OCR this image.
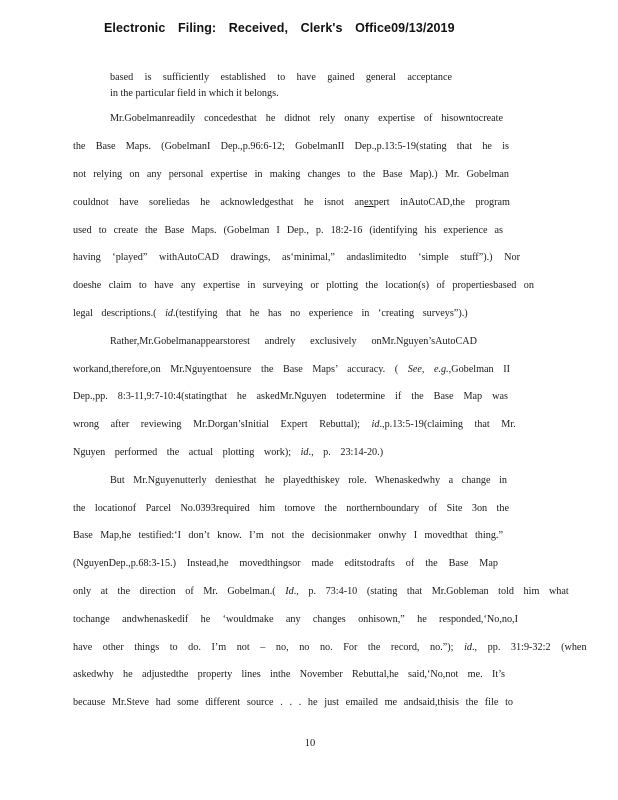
Electronic Filing: Received, Clerk's Office09/13/2019
based is sufficiently established to have gained general acceptance
in the particular field in which it belongs.
Mr.Gobelmanreadily concedesthat he didnot rely onany expertise of hisowntocreate
the Base Maps. (GobelmanI Dep.,p.96:6-12; GobelmanII Dep.,p.13:5-19(stating that he is
not relying on any personal expertise in making changes to the Base Map).) Mr. Gobelman
couldnot have soreliedas he acknowledgesthat he isnot anexpert inAutoCAD,the program
used to create the Base Maps. (Gobelman I Dep., p. 18:2-16 (identifying his experience as
having ‘played” withAutoCAD drawings, as‘minimal,” andaslimitedto ‘simple stuff”).) Nor
doeshe claim to have any expertise in surveying or plotting the location(s) of propertiesbased on
legal descriptions.( id.(testifying that he has no experience in ‘creating surveys”).)
Rather,Mr.Gobelmanappearstorest andrely exclusively onMr.Nguyen’sAutoCAD
workand,therefore,on Mr.Nguyentoensure the Base Maps’ accuracy. ( See, e.g.,Gobelman II
Dep.,pp. 8:3-11,9:7-10:4(statingthat he askedMr.Nguyen todetermine if the Base Map was
wrong after reviewing Mr.Dorgan’sInitial Expert Rebuttal); id.,p.13:5-19(claiming that Mr.
Nguyen performed the actual plotting work); id., p. 23:14-20.)
But Mr.Nguyenutterly deniesthat he playedthiskey role. Whenaskedwhy a change in
the locationof Parcel No.0393required him tomove the northernboundary of Site 3on the
Base Map,he testified:‘I don’t know. I’m not the decisionmaker onwhy I movedthat thing.”
(NguyenDep.,p.68:3-15.) Instead,he movedthingsor made editstodrafts of the Base Map
only at the direction of Mr. Gobelman.( Id., p. 73:4-10 (stating that Mr.Gobleman told him what
tochange andwhenaskedif he ‘wouldmake any changes onhisown,” he responded,‘No,no,I
have other things to do. I’m not – no, no no. For the record, no.”); id., pp. 31:9-32:2 (when
askedwhy he adjustedthe property lines inthe November Rebuttal,he said,‘No,not me. It’s
because Mr.Steve had some different source . . . he just emailed me andsaid,thisis the file to
10
